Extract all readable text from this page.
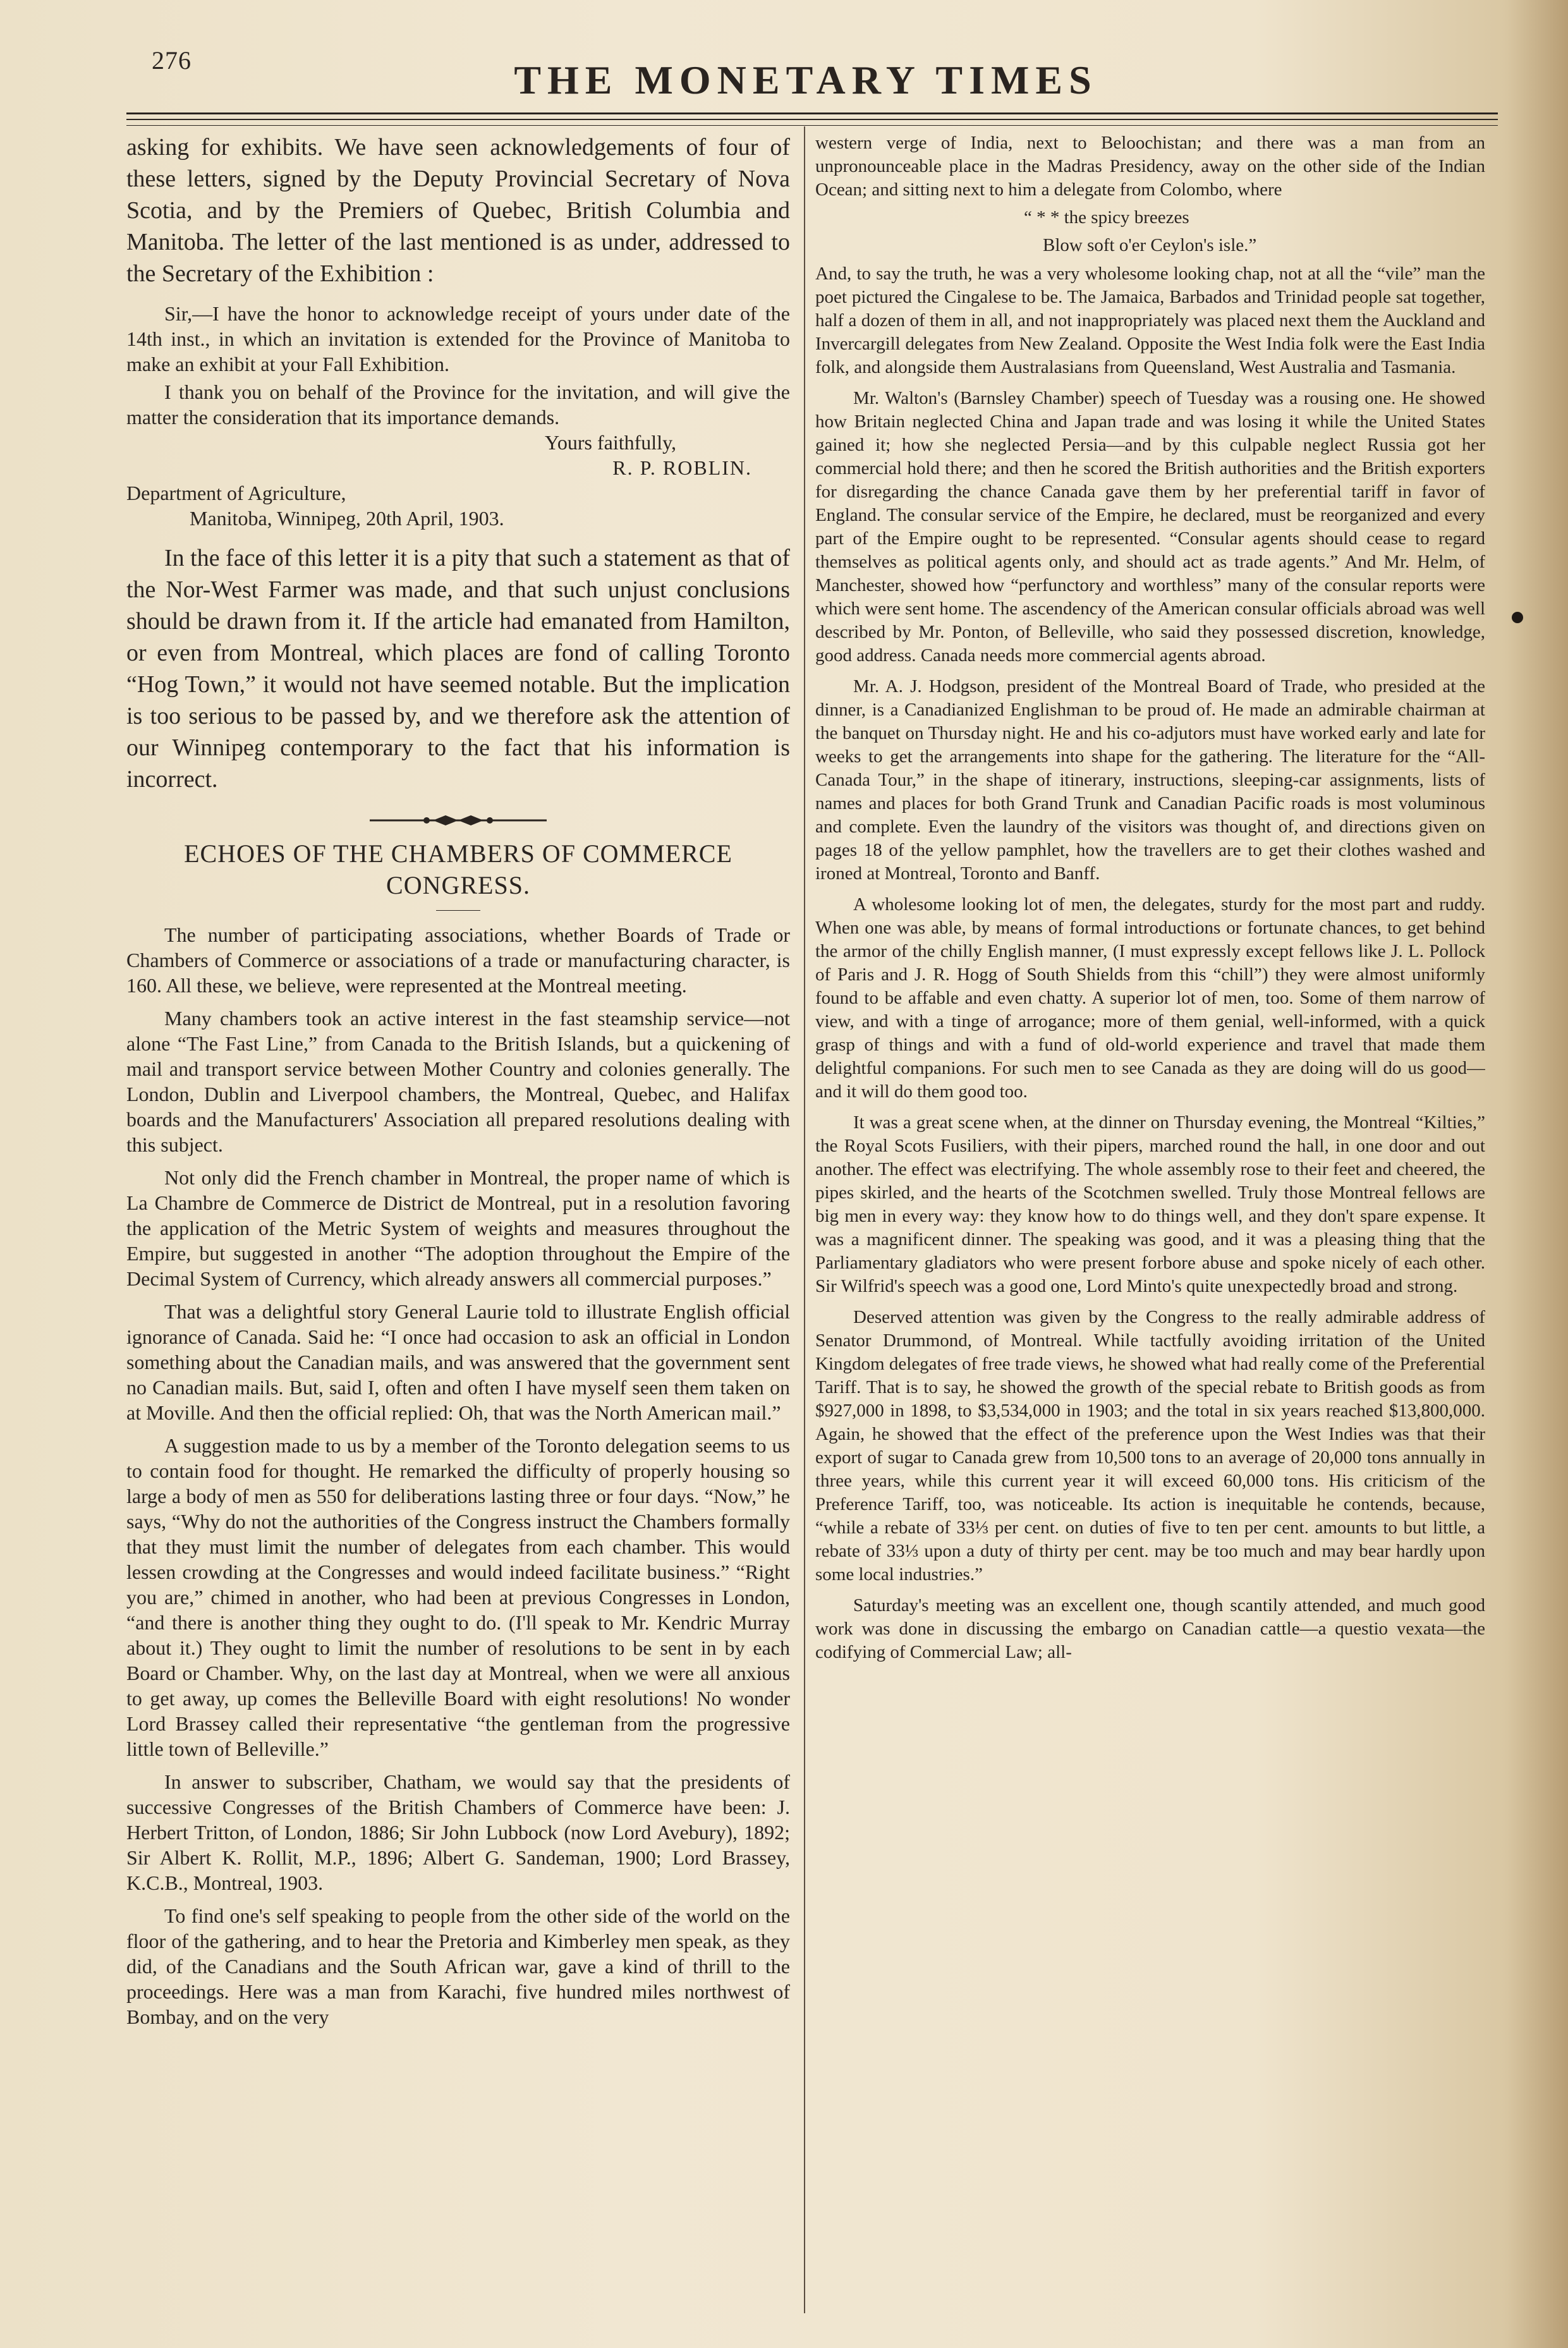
276	THE MONETARY TIMES

asking for exhibits. We have seen acknowledgements of four of these letters, signed by the Deputy Provincial Secretary of Nova Scotia, and by the Premiers of Quebec, British Columbia and Manitoba. The letter of the last mentioned is as under, addressed to the Secretary of the Exhibition :

Sir,—I have the honor to acknowledge receipt of yours under date of the 14th inst., in which an invitation is extended for the Province of Manitoba to make an exhibit at your Fall Exhibition.

I thank you on behalf of the Province for the invitation, and will give the matter the consideration that its importance demands.

Yours faithfully,

R. P. ROBLIN.

Department of Agriculture,

Manitoba, Winnipeg, 20th April, 1903.

In the face of this letter it is a pity that such a statement as that of the Nor-West Farmer was made, and that such unjust conclusions should be drawn from it. If the article had emanated from Hamilton, or even from Montreal, which places are fond of calling Toronto “Hog Town,” it would not have seemed notable. But the implication is too serious to be passed by, and we therefore ask the attention of our Winnipeg contemporary to the fact that his information is incorrect.

ECHOES OF THE CHAMBERS OF COMMERCE
CONGRESS.

The number of participating associations, whether Boards of Trade or Chambers of Commerce or associations of a trade or manufacturing character, is 160. All these, we believe, were represented at the Montreal meeting.

Many chambers took an active interest in the fast steamship service—not alone “The Fast Line,” from Canada to the British Islands, but a quickening of mail and transport service between Mother Country and colonies generally. The London, Dublin and Liverpool chambers, the Montreal, Quebec, and Halifax boards and the Manufacturers' Association all prepared resolutions dealing with this subject.

Not only did the French chamber in Montreal, the proper name of which is La Chambre de Commerce de District de Montreal, put in a resolution favoring the application of the Metric System of weights and measures throughout the Empire, but suggested in another “The adoption throughout the Empire of the Decimal System of Currency, which already answers all commercial purposes.”

That was a delightful story General Laurie told to illustrate English official ignorance of Canada. Said he: “I once had occasion to ask an official in London something about the Canadian mails, and was answered that the government sent no Canadian mails. But, said I, often and often I have myself seen them taken on at Moville. And then the official replied: Oh, that was the North American mail.”

A suggestion made to us by a member of the Toronto delegation seems to us to contain food for thought. He remarked the difficulty of properly housing so large a body of men as 550 for deliberations lasting three or four days. “Now,” he says, “Why do not the authorities of the Congress instruct the Chambers formally that they must limit the number of delegates from each chamber. This would lessen crowding at the Congresses and would indeed facilitate business.” “Right you are,” chimed in another, who had been at previous Congresses in London, “and there is another thing they ought to do. (I'll speak to Mr. Kendric Murray about it.) They ought to limit the number of resolutions to be sent in by each Board or Chamber. Why, on the last day at Montreal, when we were all anxious to get away, up comes the Belleville Board with eight resolutions! No wonder Lord Brassey called their representative “the gentleman from the progressive little town of Belleville.”

In answer to subscriber, Chatham, we would say that the presidents of successive Congresses of the British Chambers of Commerce have been: J. Herbert Tritton, of London, 1886; Sir John Lubbock (now Lord Avebury), 1892; Sir Albert K. Rollit, M.P., 1896; Albert G. Sandeman, 1900; Lord Brassey, K.C.B., Montreal, 1903.

To find one's self speaking to people from the other side of the world on the floor of the gathering, and to hear the Pretoria and Kimberley men speak, as they did, of the Canadians and the South African war, gave a kind of thrill to the proceedings. Here was a man from Karachi, five hundred miles northwest of Bombay, and on the very

western verge of India, next to Beloochistan; and there was a man from an unpronounceable place in the Madras Presidency, away on the other side of the Indian Ocean; and sitting next to him a delegate from Colombo, where

“ * * the spicy breezes

Blow soft o'er Ceylon's isle.”

And, to say the truth, he was a very wholesome looking chap, not at all the “vile” man the poet pictured the Cingalese to be. The Jamaica, Barbados and Trinidad people sat together, half a dozen of them in all, and not inappropriately was placed next them the Auckland and Invercargill delegates from New Zealand. Opposite the West India folk were the East India folk, and alongside them Australasians from Queensland, West Australia and Tasmania.

Mr. Walton's (Barnsley Chamber) speech of Tuesday was a rousing one. He showed how Britain neglected China and Japan trade and was losing it while the United States gained it; how she neglected Persia—and by this culpable neglect Russia got her commercial hold there; and then he scored the British authorities and the British exporters for disregarding the chance Canada gave them by her preferential tariff in favor of England. The consular service of the Empire, he declared, must be reorganized and every part of the Empire ought to be represented. “Consular agents should cease to regard themselves as political agents only, and should act as trade agents.” And Mr. Helm, of Manchester, showed how “perfunctory and worthless” many of the consular reports were which were sent home. The ascendency of the American consular officials abroad was well described by Mr. Ponton, of Belleville, who said they possessed discretion, knowledge, good address. Canada needs more commercial agents abroad.

Mr. A. J. Hodgson, president of the Montreal Board of Trade, who presided at the dinner, is a Canadianized Englishman to be proud of. He made an admirable chairman at the banquet on Thursday night. He and his co-adjutors must have worked early and late for weeks to get the arrangements into shape for the gathering. The literature for the “All-Canada Tour,” in the shape of itinerary, instructions, sleeping-car assignments, lists of names and places for both Grand Trunk and Canadian Pacific roads is most voluminous and complete. Even the laundry of the visitors was thought of, and directions given on pages 18 of the yellow pamphlet, how the travellers are to get their clothes washed and ironed at Montreal, Toronto and Banff.

A wholesome looking lot of men, the delegates, sturdy for the most part and ruddy. When one was able, by means of formal introductions or fortunate chances, to get behind the armor of the chilly English manner, (I must expressly except fellows like J. L. Pollock of Paris and J. R. Hogg of South Shields from this “chill”) they were almost uniformly found to be affable and even chatty. A superior lot of men, too. Some of them narrow of view, and with a tinge of arrogance; more of them genial, well-informed, with a quick grasp of things and with a fund of old-world experience and travel that made them delightful companions. For such men to see Canada as they are doing will do us good—and it will do them good too.

It was a great scene when, at the dinner on Thursday evening, the Montreal “Kilties,” the Royal Scots Fusiliers, with their pipers, marched round the hall, in one door and out another. The effect was electrifying. The whole assembly rose to their feet and cheered, the pipes skirled, and the hearts of the Scotchmen swelled. Truly those Montreal fellows are big men in every way: they know how to do things well, and they don't spare expense. It was a magnificent dinner. The speaking was good, and it was a pleasing thing that the Parliamentary gladiators who were present forbore abuse and spoke nicely of each other. Sir Wilfrid's speech was a good one, Lord Minto's quite unexpectedly broad and strong.

Deserved attention was given by the Congress to the really admirable address of Senator Drummond, of Montreal. While tactfully avoiding irritation of the United Kingdom delegates of free trade views, he showed what had really come of the Preferential Tariff. That is to say, he showed the growth of the special rebate to British goods as from $927,000 in 1898, to $3,534,000 in 1903; and the total in six years reached $13,800,000. Again, he showed that the effect of the preference upon the West Indies was that their export of sugar to Canada grew from 10,500 tons to an average of 20,000 tons annually in three years, while this current year it will exceed 60,000 tons. His criticism of the Preference Tariff, too, was noticeable. Its action is inequitable he contends, because, “while a rebate of 33⅓ per cent. on duties of five to ten per cent. amounts to but little, a rebate of 33⅓ upon a duty of thirty per cent. may be too much and may bear hardly upon some local industries.”

Saturday's meeting was an excellent one, though scantily attended, and much good work was done in discussing the embargo on Canadian cattle—a questio vexata—the codifying of Commercial Law; all-
